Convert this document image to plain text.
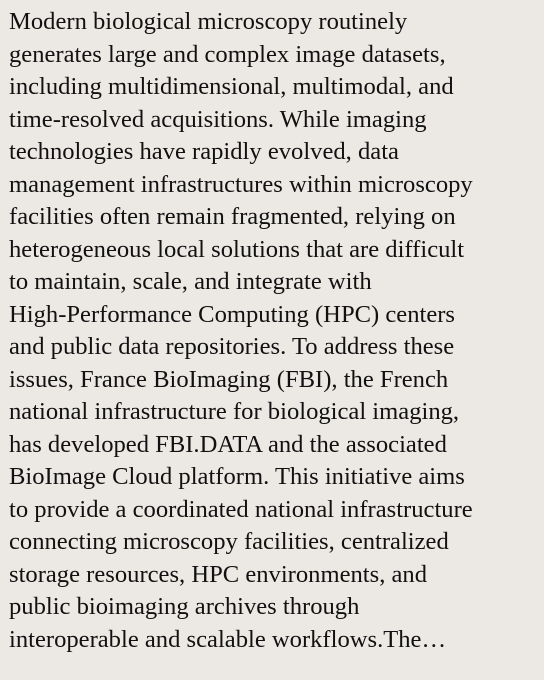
Modern biological microscopy routinely
generates large and complex image datasets,
including multidimensional, multimodal, and
time-resolved acquisitions. While imaging
technologies have rapidly evolved, data
management infrastructures within microscopy
facilities often remain fragmented, relying on
heterogeneous local solutions that are difficult
to maintain, scale, and integrate with
High-Performance Computing (HPC) centers
and public data repositories. To address these
issues, France BioImaging (FBI), the French
national infrastructure for biological imaging,
has developed FBI.DATA and the associated
BioImage Cloud platform. This initiative aims
to provide a coordinated national infrastructure
connecting microscopy facilities, centralized
storage resources, HPC environments, and
public bioimaging archives through
interoperable and scalable workflows.The…
